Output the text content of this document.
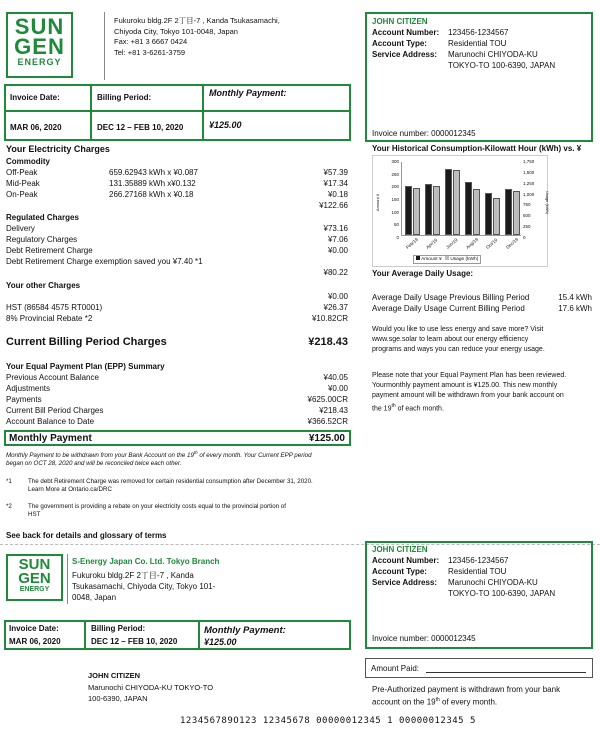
SUN
GEN
ENERGY
Fukuroku bldg.2F 2丁目-7 , Kanda Tsukasamachi,
Chiyoda City, Tokyo 101-0048, Japan
Fax: +81 3 6667 0424
Tel: +81 3-6261-3759
JOHN CITIZEN
Account Number: 123456-1234567
Account Type:	Residential TOU
Service Address: Marunochi CHIYODA-KU
TOKYO-TO 100-6390, JAPAN
Invoice number: 0000012345
Invoice Date:	Billing Period:	Monthly Payment:
MAR 06, 2020	DEC 12 – FEB 10, 2020	¥125.00
Your Electricity Charges
Commodity
Off-Peak	659.62943 kWh x ¥0.087	¥57.39
Mid-Peak	131.35889 kWh x¥0.132	¥17.34
On-Peak	266.27168 kWh x ¥0.18	¥0.18
¥122.66
Regulated Charges
Delivery	¥73.16
Regulatory Charges	¥7.06
Debt Retirement Charge	¥0.00
Debt Retirement Charge exemption saved you ¥7.40 *1
¥80.22
Your other Charges
¥0.00
HST (86584 4575 RT0001)	¥26.37
8% Provincial Rebate *2	¥10.82CR
Current Billing Period Charges	¥218.43
Your Equal Payment Plan (EPP) Summary
Previous Account Balance	¥40.05
Adjustments	¥0.00
Payments	¥625.00CR
Current Bill Period Charges	¥218.43
Account Balance to Date	¥366.52CR
Monthly Payment	¥125.00
Monthly Payment to be withdrawn from your Bank Account on the 19th of every month. Your Current EPP period
began on OCT 28, 2020 and will be reconciled twice each other.
*1	The debt Retirement Charge was removed for certain residential consumption after December 31, 2020.
Learn More at Ontario.ca/DRC
*2	The government is providing a rebate on your electricity costs equal to the provincial portion of
HST
See back for details and glossary of terms
Your Historical Consumption-Kilowatt Hour (kWh) vs. ¥
Amount ¥	Usage (kWh)
300
250
200
150
100
50
0
1,750
1,500
1,250
1,000
750
500
250
0
Feb/19 Apr/19 Jun/19 Aug/19 Oct/19 Dec/19
Amount ¥ Usage (kWh)
Your Average Daily Usage:
Average Daily Usage Previous Billing Period	15.4 kWh
Average Daily Usage Current Billing Period	17.6 kWh
Would you like to use less energy and save more? Visit
www.sge.solar to learn about our energy efficiency
programs and ways you can reduce your energy usage.
Please note that your Equal Payment Plan has been reviewed.
Yourmonthly payment amount is ¥125.00. This new monthly
payment amount will be withdrawn from your bank account on
the 19th of each month.
SUN
GEN
ENERGY
S-Energy Japan Co. Ltd. Tokyo Branch
Fukuroku bldg.2F 2丁目-7 , Kanda
Tsukasamachi, Chiyoda City, Tokyo 101-
0048, Japan
JOHN CITIZEN
Account Number: 123456-1234567
Account Type:	Residential TOU
Service Address: Marunochi CHIYODA-KU
TOKYO-TO 100-6390, JAPAN
Invoice number: 0000012345
Invoice Date:
MAR 06, 2020
Billing Period:
DEC 12 – FEB 10, 2020
Monthly Payment:
¥125.00
JOHN CITIZEN
Marunochi CHIYODA-KU TOKYO-TO
100-6390, JAPAN
Amount Paid:
Pre-Authorized payment is withdrawn from your bank
account on the 19th of every month.
123456789O123 12345678 00000012345 1 00000012345 5
